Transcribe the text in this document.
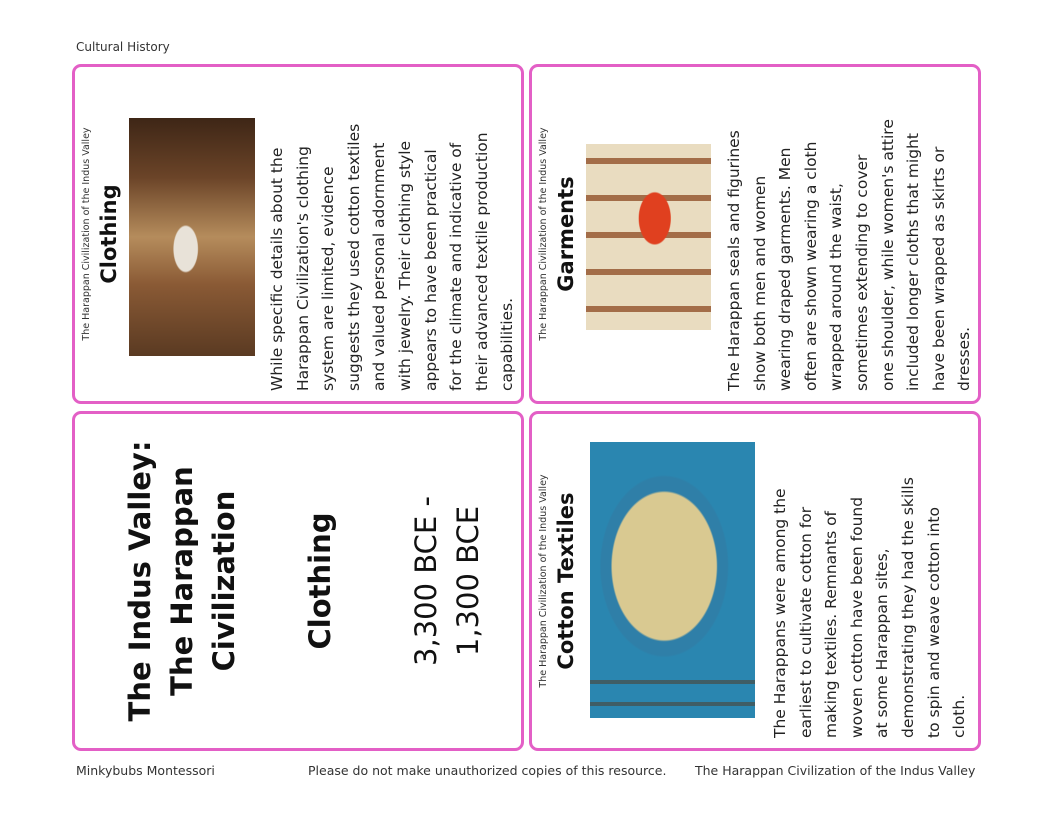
Cultural History
The Harappan Civilization of the Indus Valley Clothing	While specific details about the Harappan Civilization's clothing system are limited, evidence suggests they used cotton textiles and valued personal adornment with jewelry. Their clothing style appears to have been practical for the climate and indicative of their advanced textile production capabilities.
The Harappan Civilization of the Indus Valley Garments	The Harappan seals and figurines show both men and women wearing draped garments. Men often are shown wearing a cloth wrapped around the waist, sometimes extending to cover one shoulder, while women's attire included longer cloths that might have been wrapped as skirts or dresses.
The Indus Valley: The Harappan Civilization Clothing 3,300 BCE - 1,300 BCE	The Harappan Civilization of the Indus Valley Cotton Textiles	The Harappans were among the earliest to cultivate cotton for making textiles. Remnants of woven cotton have been found at some Harappan sites, demonstrating they had the skills to spin and weave cotton into cloth.
Minkybubs Montessori	Please do not make unauthorized copies of this resource. The Harappan Civilization of the Indus Valley
